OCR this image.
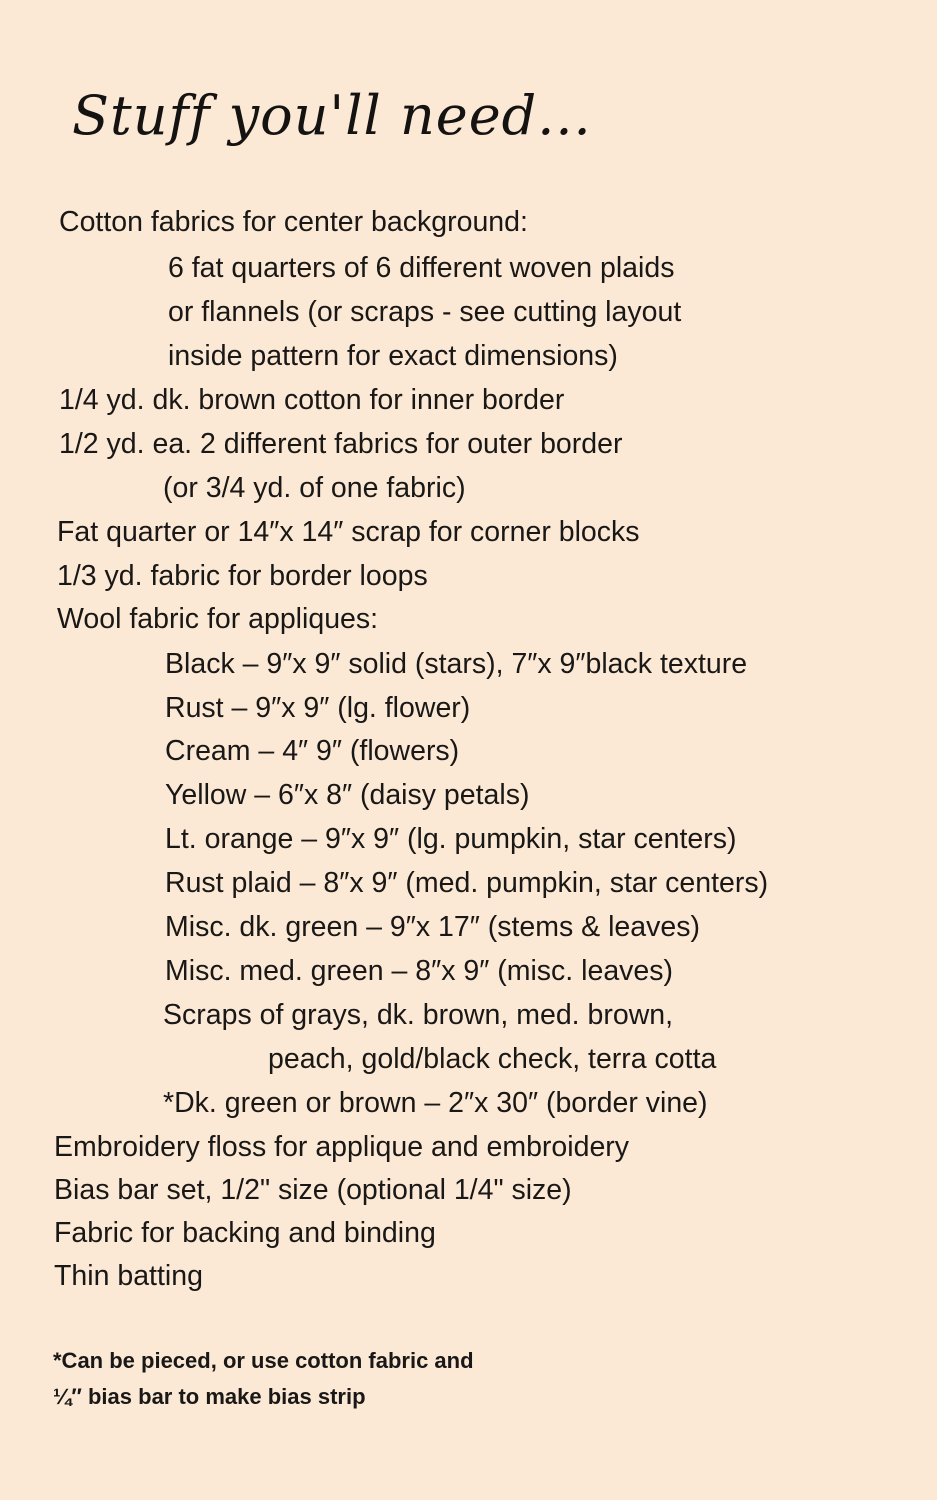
Stuff you'll need...
Cotton fabrics for center background:
6 fat quarters of 6 different woven plaids
or flannels (or scraps - see cutting layout
inside pattern for exact dimensions)
1/4 yd. dk. brown cotton for inner border
1/2 yd. ea. 2 different fabrics for outer border
(or 3/4 yd. of one fabric)
Fat quarter or 14″x 14″ scrap for corner blocks
1/3 yd. fabric for border loops
Wool fabric for appliques:
Black – 9″x 9″ solid (stars), 7″x 9″black texture
Rust – 9″x 9″ (lg. flower)
Cream – 4″ 9″ (flowers)
Yellow – 6″x 8″ (daisy petals)
Lt. orange – 9″x 9″ (lg. pumpkin, star centers)
Rust plaid – 8″x 9″ (med. pumpkin, star centers)
Misc. dk. green – 9″x 17″ (stems & leaves)
Misc. med. green – 8″x 9″ (misc. leaves)
Scraps of grays, dk. brown, med. brown,
peach, gold/black check, terra cotta
*Dk. green or brown – 2″x 30″ (border vine)
Embroidery floss for applique and embroidery
Bias bar set, 1/2" size (optional 1/4" size)
Fabric for backing and binding
Thin batting
*Can be pieced, or use cotton fabric and
¼″ bias bar to make bias strip
